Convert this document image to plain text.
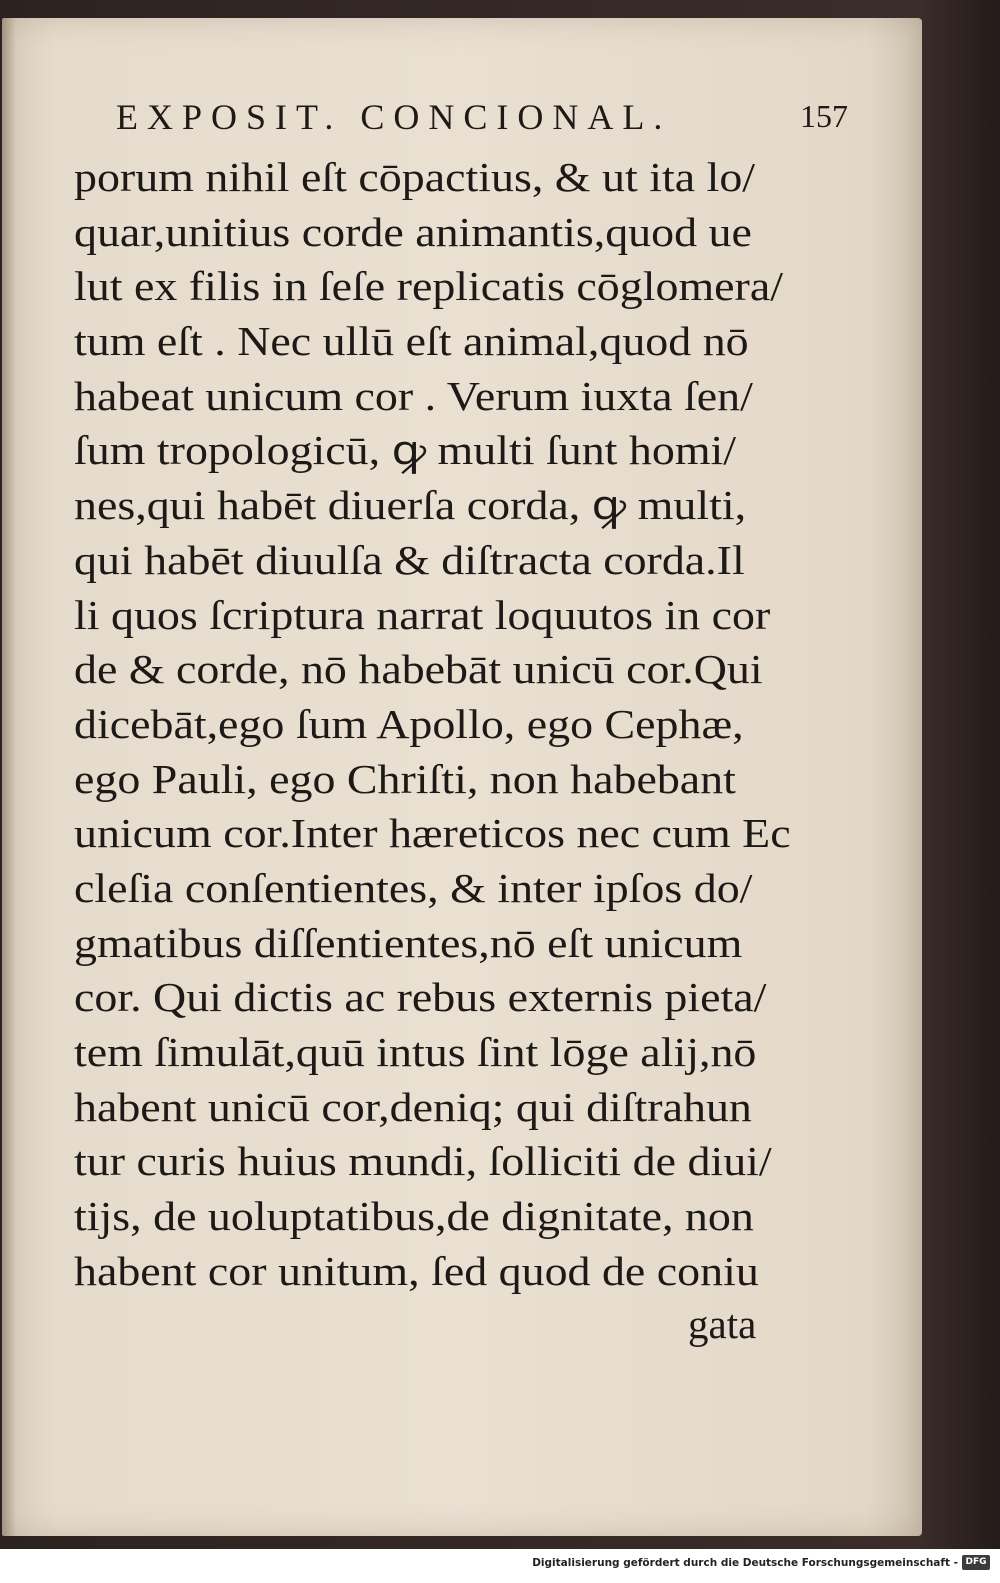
EXPOSIT. CONCIONAL.	157
porum nihil eſt cōpactius, & ut ita lo/
quar,unitius corde animantis,quod ue
lut ex filis in ſeſe replicatis cōglomera/
tum eſt . Nec ullū eſt animal,quod nō
habeat unicum cor . Verum iuxta ſen/
ſum tropologicū, ꝙ multi ſunt homi/
nes,qui habēt diuerſa corda, ꝙ multi,
qui habēt diuulſa & diſtracta corda.Il
li quos ſcriptura narrat loquutos in cor
de & corde, nō habebāt unicū cor.Qui
dicebāt,ego ſum Apollo, ego Cephæ,
ego Pauli, ego Chriſti, non habebant
unicum cor.Inter hæreticos nec cum Ec
cleſia conſentientes, & inter ipſos do/
gmatibus diſſentientes,nō eſt unicum
cor. Qui dictis ac rebus externis pieta/
tem ſimulāt,quū intus ſint lōge alij,nō
habent unicū cor,deniq; qui diſtrahun
tur curis huius mundi, ſolliciti de diui/
tijs, de uoluptatibus,de dignitate, non
habent cor unitum, ſed quod de coniu
gata
Digitalisierung gefördert durch die Deutsche Forschungsgemeinschaft - DFG
